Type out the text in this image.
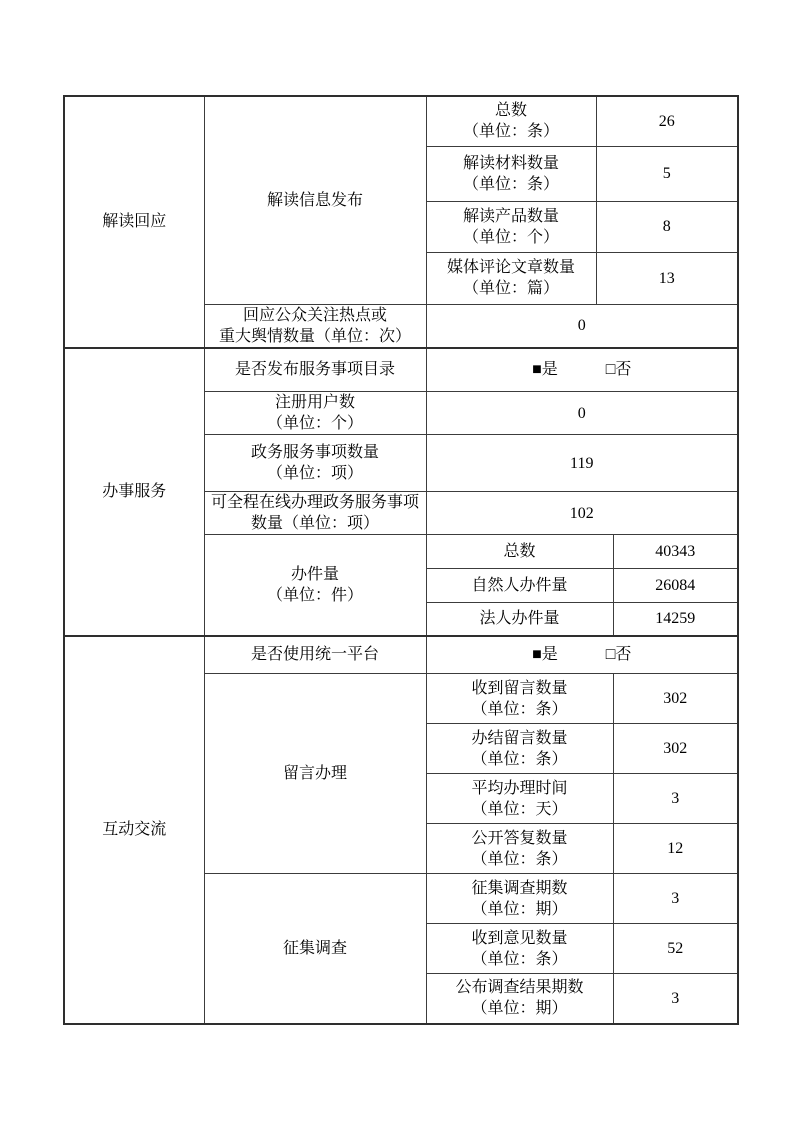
解读回应	解读信息发布	总数
（单位：条）	26	

		解读材料数量
（单位：条）	5	

		解读产品数量
（单位：个）	8	

		媒体评论文章数量
（单位：篇）	13	

	回应公众关注热点或
重大舆情数量（单位：次）	0		

办事服务	是否发布服务事项目录	■是 □否		

	注册用户数
（单位：个）	0		

	政务服务事项数量
（单位：项）	119		

	可全程在线办理政务服务事项
数量（单位：项）	102		

	办件量
（单位：件）	总数		40343

		自然人办件量		26084

		法人办件量		14259

互动交流	是否使用统一平台	■是 □否		

	留言办理	收到留言数量
（单位：条）		302

		办结留言数量
（单位：条）		302

		平均办理时间
（单位：天）		3

		公开答复数量
（单位：条）		12

	征集调查	征集调查期数
（单位：期）		3

		收到意见数量
（单位：条）		52

		公布调查结果期数
（单位：期）		3
